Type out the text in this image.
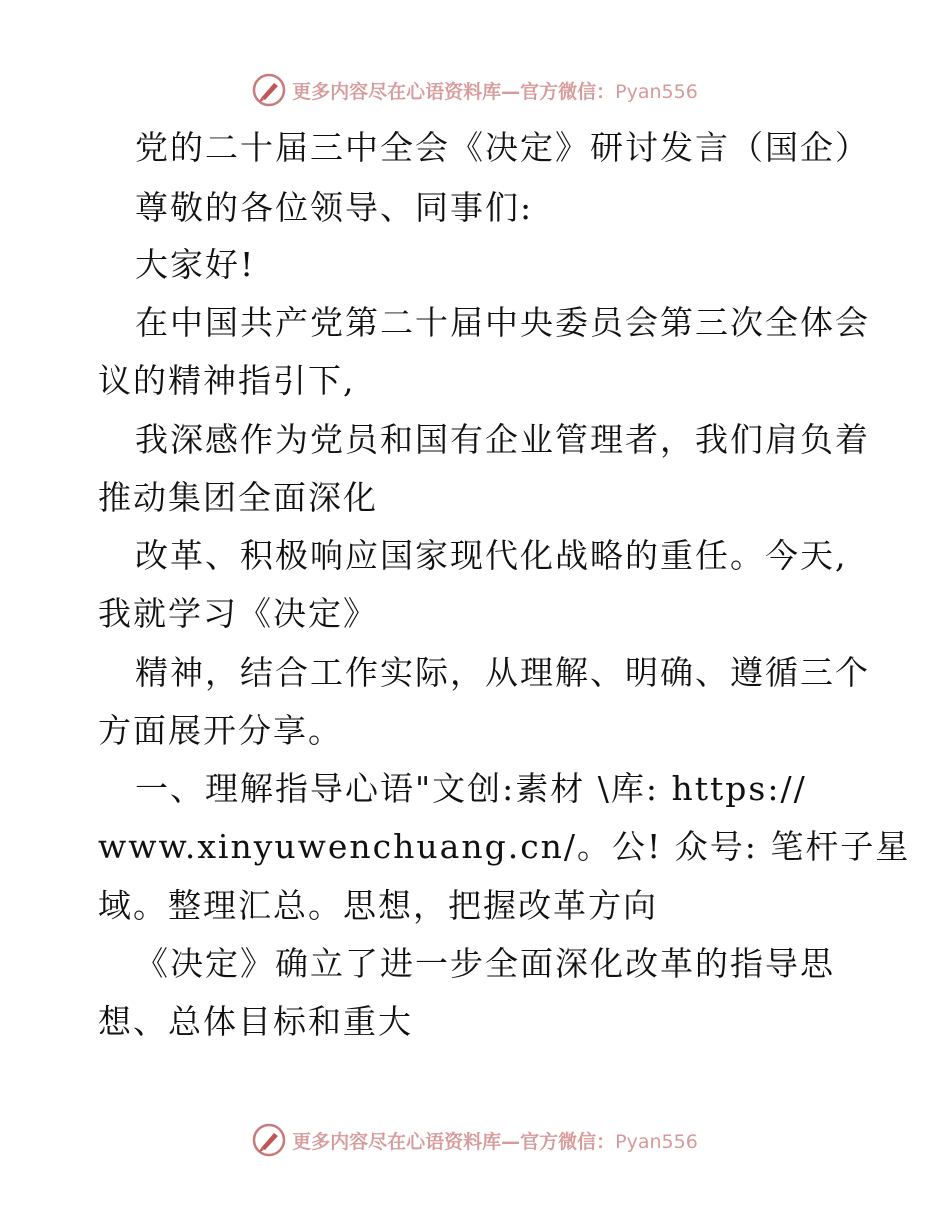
更多内容尽在心语资料库—官方微信：Pyan556
党的二十届三中全会《决定》研讨发言（国企）
尊敬的各位领导、同事们:
大家好!
在中国共产党第二十届中央委员会第三次全体会
议的精神指引下,
我深感作为党员和国有企业管理者，我们肩负着
推动集团全面深化
改革、积极响应国家现代化战略的重任。今天,
我就学习《决定》
精神，结合工作实际，从理解、明确、遵循三个
方面展开分享。
一、理解指导心语"文创:素材 \库: https://
www.xinyuwenchuang.cn/。公! 众号: 笔杆子星
域。整理汇总。思想，把握改革方向
《决定》确立了进一步全面深化改革的指导思
想、总体目标和重大
更多内容尽在心语资料库—官方微信：Pyan556
